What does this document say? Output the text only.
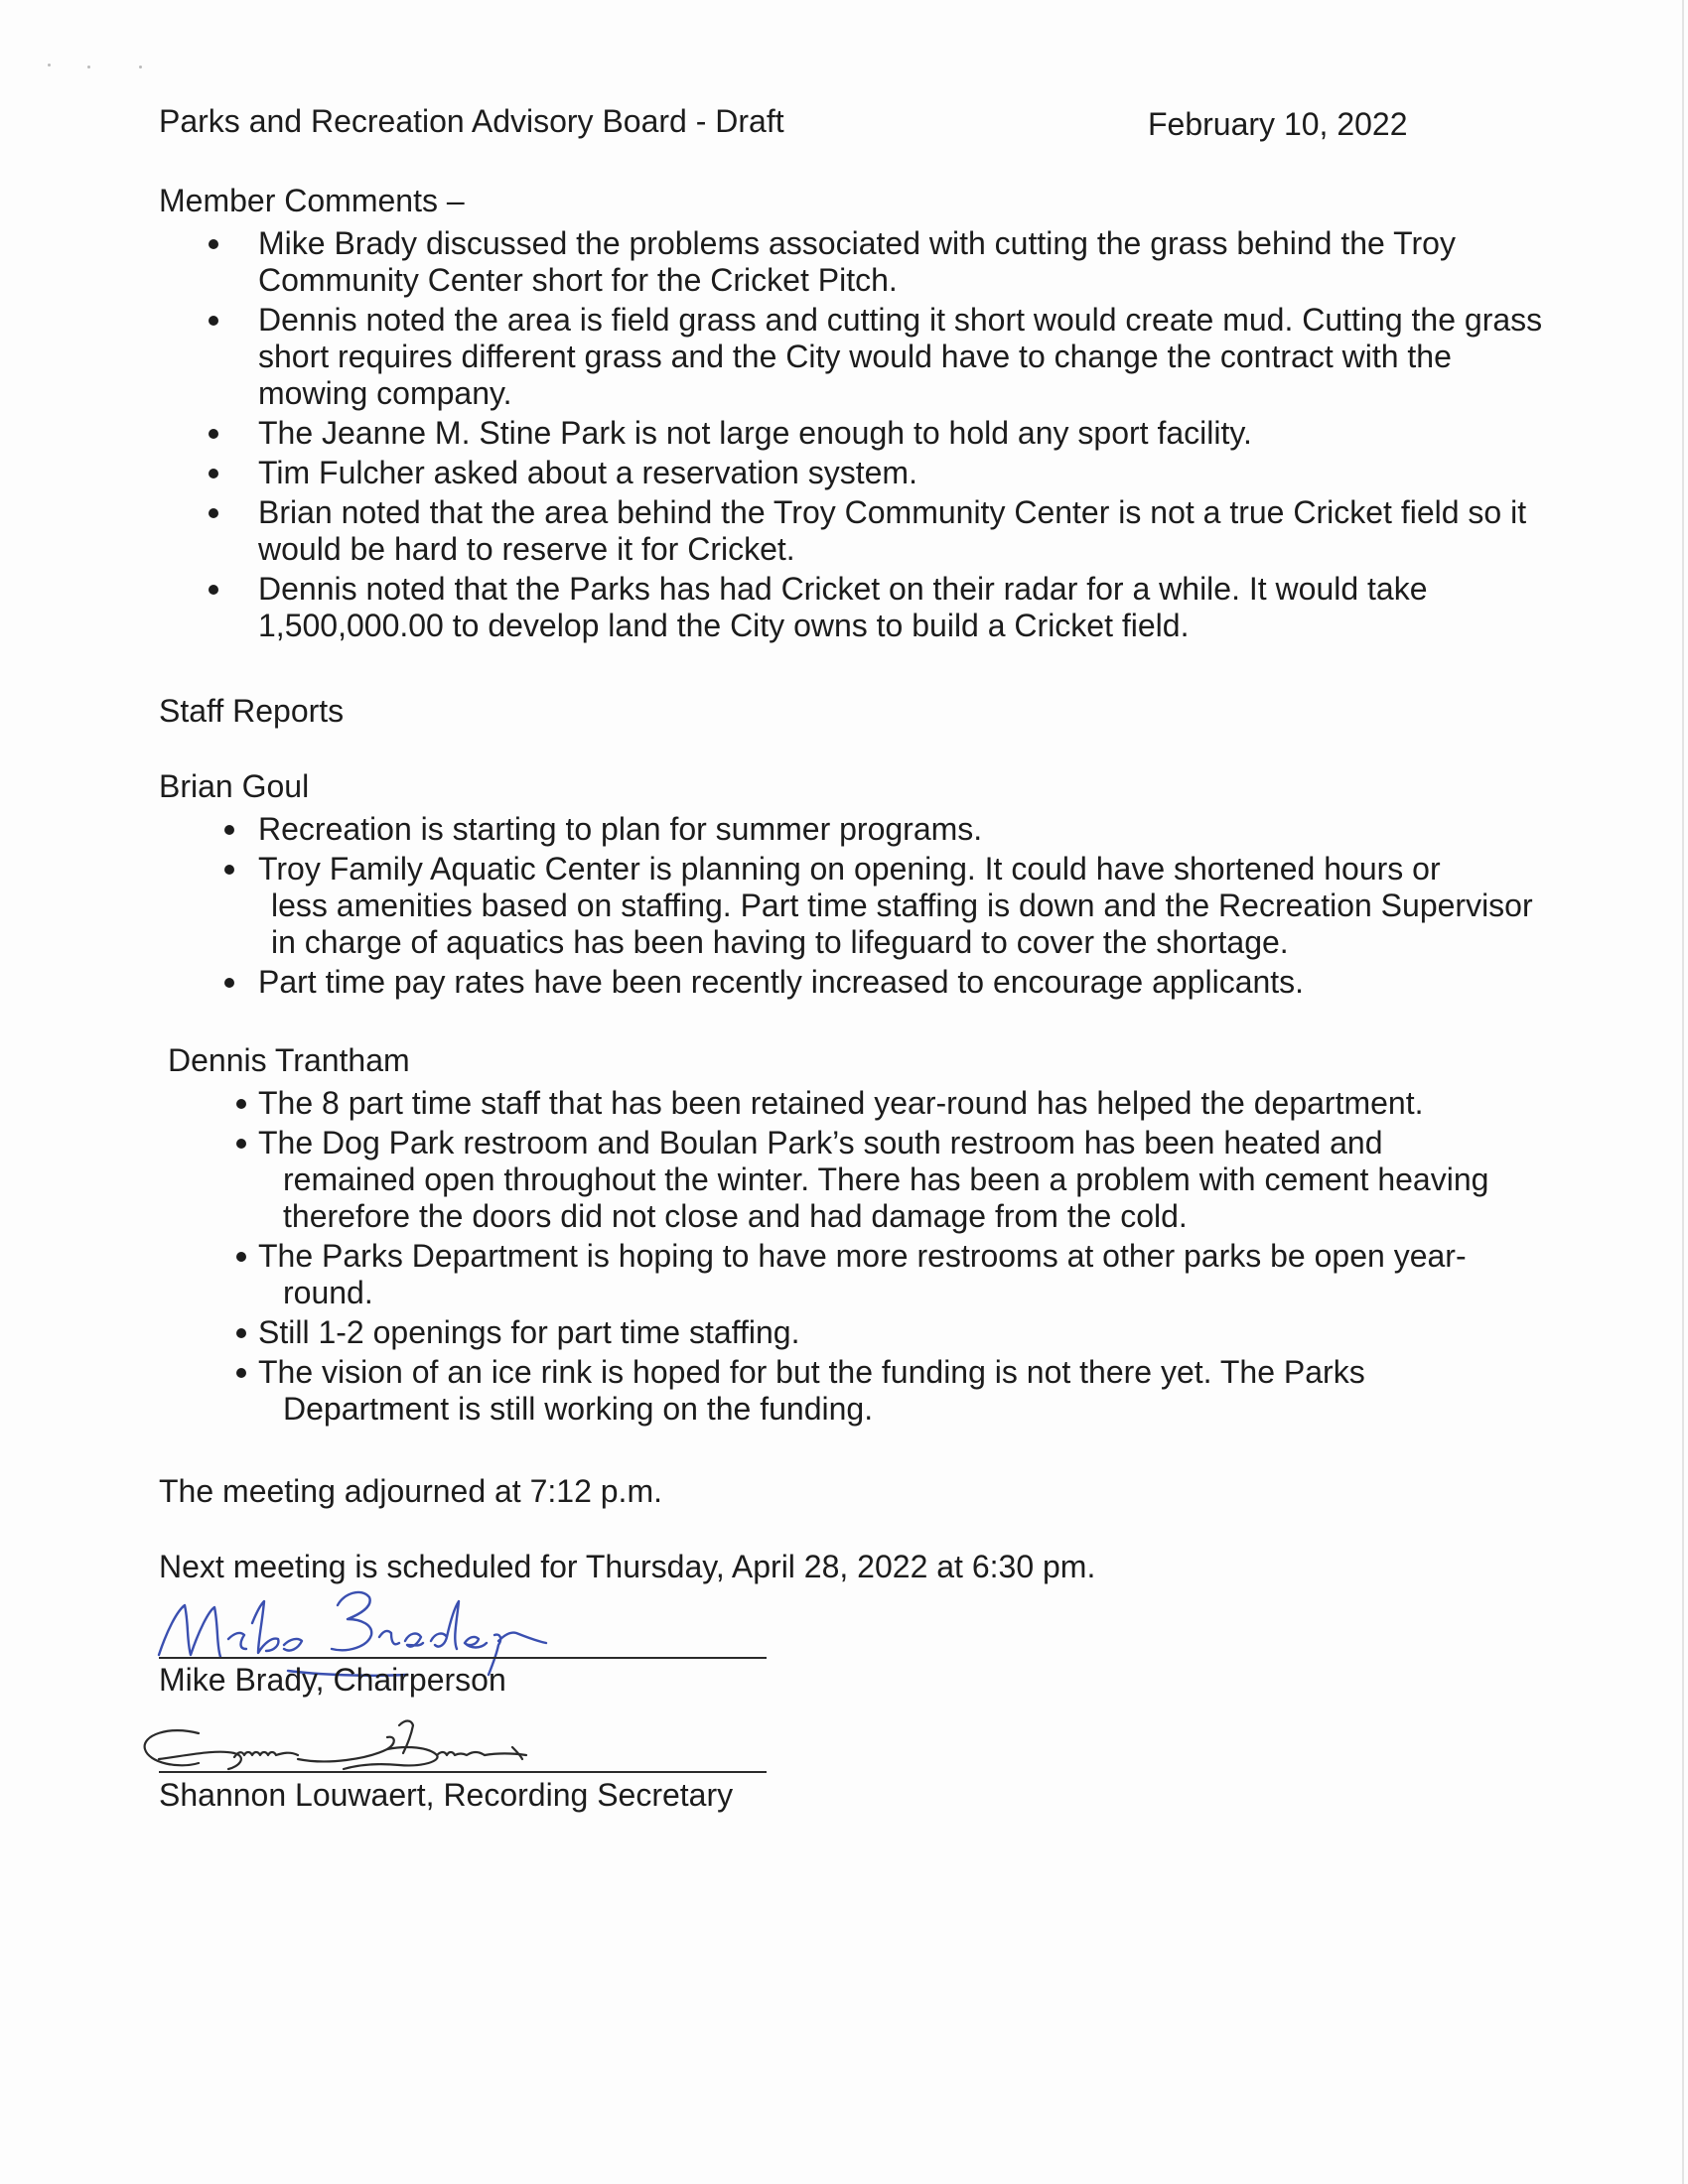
Parks and Recreation Advisory Board - Draft	February 10, 2022
Member Comments –
Mike Brady discussed the problems associated with cutting the grass behind the Troy Community Center short for the Cricket Pitch.
Dennis noted the area is field grass and cutting it short would create mud. Cutting the grass short requires different grass and the City would have to change the contract with the mowing company.
The Jeanne M. Stine Park is not large enough to hold any sport facility.
Tim Fulcher asked about a reservation system.
Brian noted that the area behind the Troy Community Center is not a true Cricket field so it would be hard to reserve it for Cricket.
Dennis noted that the Parks has had Cricket on their radar for a while. It would take 1,500,000.00 to develop land the City owns to build a Cricket field.
Staff Reports
Brian Goul
Recreation is starting to plan for summer programs.
Troy Family Aquatic Center is planning on opening. It could have shortened hours or
less amenities based on staffing. Part time staffing is down and the Recreation Supervisor in charge of aquatics has been having to lifeguard to cover the shortage.
Part time pay rates have been recently increased to encourage applicants.
Dennis Trantham
The 8 part time staff that has been retained year-round has helped the department.
The Dog Park restroom and Boulan Park’s south restroom has been heated and
remained open throughout the winter. There has been a problem with cement heaving therefore the doors did not close and had damage from the cold.
The Parks Department is hoping to have more restrooms at other parks be open year-
round.
Still 1-2 openings for part time staffing.
The vision of an ice rink is hoped for but the funding is not there yet. The Parks
Department is still working on the funding.
The meeting adjourned at 7:12 p.m.
Next meeting is scheduled for Thursday, April 28, 2022 at 6:30 pm.
Mike Brady, Chairperson
Shannon Louwaert, Recording Secretary
